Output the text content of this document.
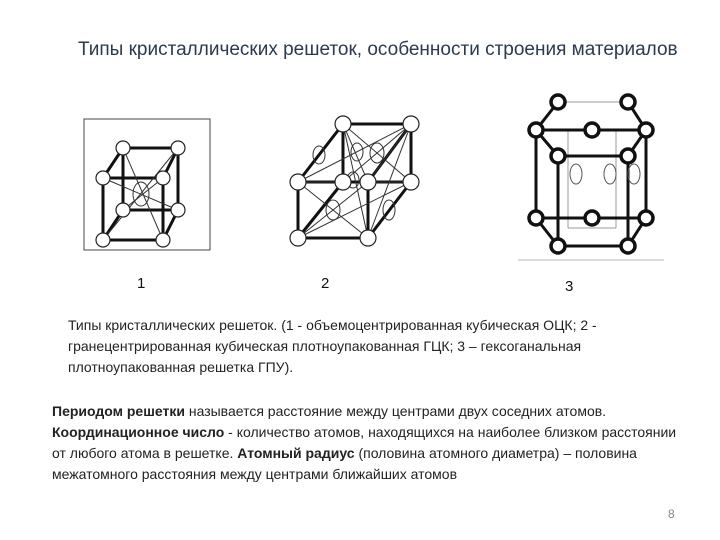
Типы кристаллических решеток, особенности строения материалов
1	2	3
Типы кристаллических решеток. (1 - объемоцентрированная кубическая ОЦК; 2 - гранецентрированная кубическая плотноупакованная ГЦК; 3 – гексоганальная плотноупакованная решетка ГПУ).
Периодом решетки называется расстояние между центрами двух соседних атомов. Координационное число - количество атомов, находящихся на наиболее близком расстоянии от любого атома в решетке. Атомный радиус (половина атомного диаметра) – половина межатомного расстояния между центрами ближайших атомов
8
